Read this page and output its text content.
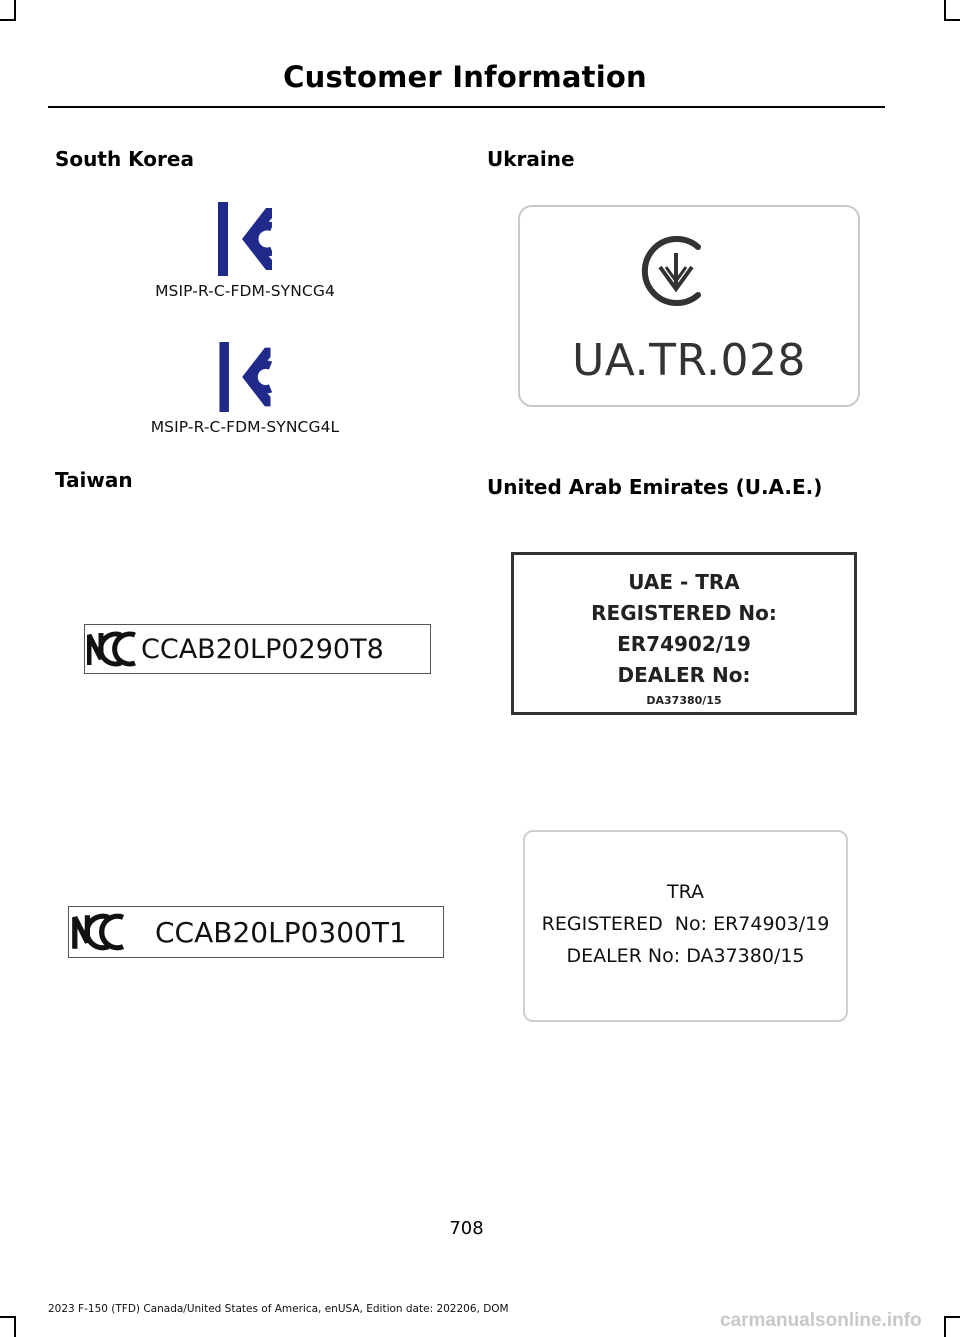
Customer Information
South Korea
MSIP-R-C-FDM-SYNCG4
MSIP-R-C-FDM-SYNCG4L
Taiwan
CCAB20LP0290T8
CCAB20LP0300T1
Ukraine
UA.TR.028
United Arab Emirates (U.A.E.)
UAE - TRA
REGISTERED No:
ER74902/19
DEALER No:
DA37380/15
TRA
REGISTERED  No: ER74903/19
DEALER No: DA37380/15
708
2023 F-150 (TFD) Canada/United States of America, enUSA, Edition date: 202206, DOM
carmanualsonline.info
